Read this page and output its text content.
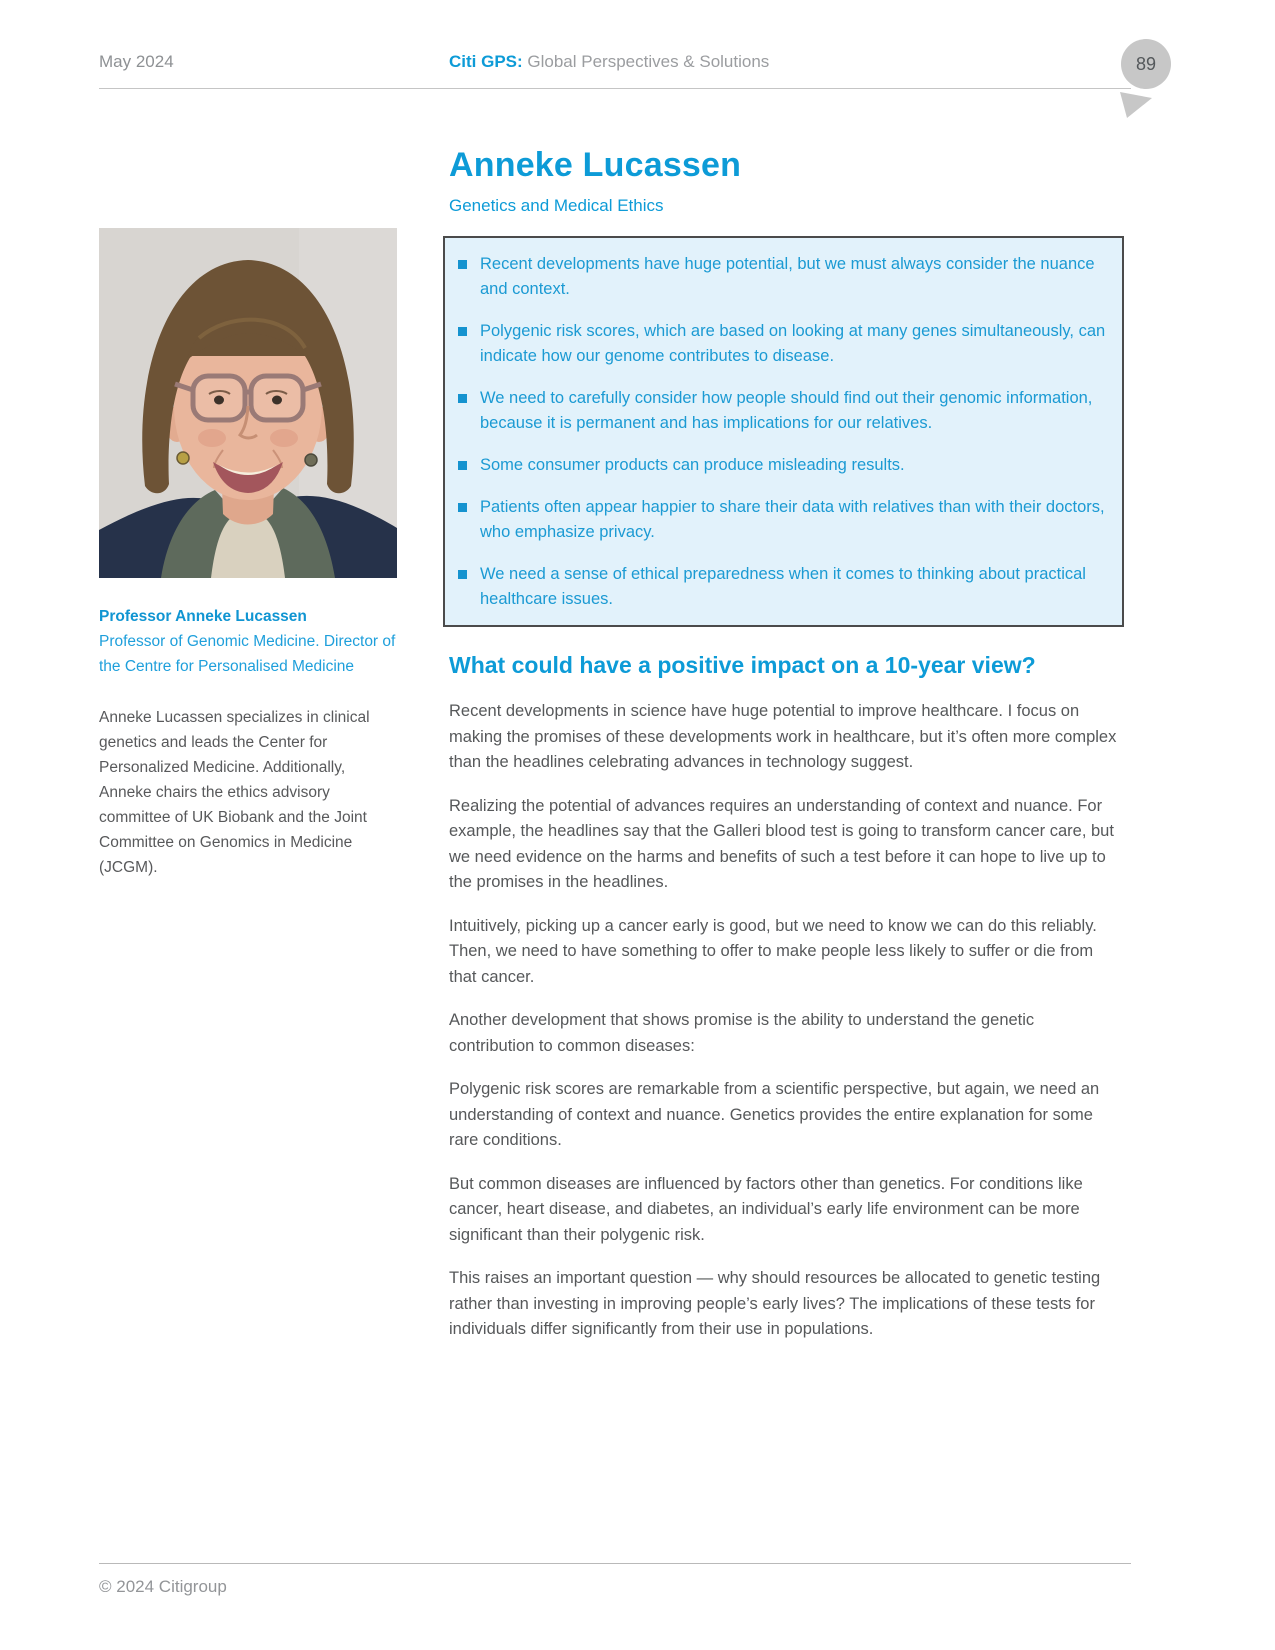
May 2024	Citi GPS: Global Perspectives & Solutions	89
Professor Anneke Lucassen
Professor of Genomic Medicine. Director of the Centre for Personalised Medicine
Anneke Lucassen specializes in clinical genetics and leads the Center for Personalized Medicine. Additionally, Anneke chairs the ethics advisory committee of UK Biobank and the Joint Committee on Genomics in Medicine (JCGM).
Anneke Lucassen
Genetics and Medical Ethics
Recent developments have huge potential, but we must always consider the nuance and context.
Polygenic risk scores, which are based on looking at many genes simultaneously, can indicate how our genome contributes to disease.
We need to carefully consider how people should find out their genomic information, because it is permanent and has implications for our relatives.
Some consumer products can produce misleading results.
Patients often appear happier to share their data with relatives than with their doctors, who emphasize privacy.
We need a sense of ethical preparedness when it comes to thinking about practical healthcare issues.
What could have a positive impact on a 10-year view?

Recent developments in science have huge potential to improve healthcare. I focus on making the promises of these developments work in healthcare, but it’s often more complex than the headlines celebrating advances in technology suggest.

Realizing the potential of advances requires an understanding of context and nuance. For example, the headlines say that the Galleri blood test is going to transform cancer care, but we need evidence on the harms and benefits of such a test before it can hope to live up to the promises in the headlines.

Intuitively, picking up a cancer early is good, but we need to know we can do this reliably. Then, we need to have something to offer to make people less likely to suffer or die from that cancer.

Another development that shows promise is the ability to understand the genetic contribution to common diseases:

Polygenic risk scores are remarkable from a scientific perspective, but again, we need an understanding of context and nuance. Genetics provides the entire explanation for some rare conditions.

But common diseases are influenced by factors other than genetics. For conditions like cancer, heart disease, and diabetes, an individual’s early life environment can be more significant than their polygenic risk.

This raises an important question — why should resources be allocated to genetic testing rather than investing in improving people’s early lives? The implications of these tests for individuals differ significantly from their use in populations.

© 2024 Citigroup
